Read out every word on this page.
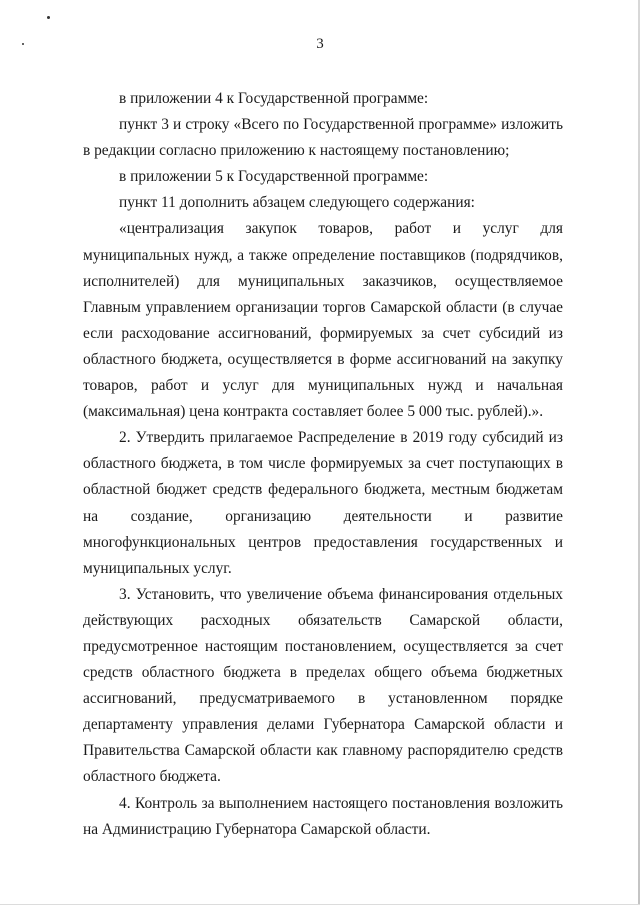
3

в приложении 4 к Государственной программе:

пункт 3 и строку «Всего по Государственной программе» изложить в редакции согласно приложению к настоящему постановлению;

в приложении 5 к Государственной программе:

пункт 11 дополнить абзацем следующего содержания:

«централизация закупок товаров, работ и услуг для муниципальных нужд, а также определение поставщиков (подрядчиков, исполнителей) для муниципальных заказчиков, осуществляемое Главным управлением организации торгов Самарской области (в случае если расходование ассигнований, формируемых за счет субсидий из областного бюджета, осуществляется в форме ассигнований на закупку товаров, работ и услуг для муниципальных нужд и начальная (максимальная) цена контракта составляет более 5 000 тыс. рублей).».

2. Утвердить прилагаемое Распределение в 2019 году субсидий из областного бюджета, в том числе формируемых за счет поступающих в областной бюджет средств федерального бюджета, местным бюджетам на создание, организацию деятельности и развитие многофункциональных центров предоставления государственных и муниципальных услуг.

3. Установить, что увеличение объема финансирования отдельных действующих расходных обязательств Самарской области, предусмотренное настоящим постановлением, осуществляется за счет средств областного бюджета в пределах общего объема бюджетных ассигнований, предусматриваемого в установленном порядке департаменту управления делами Губернатора Самарской области и Правительства Самарской области как главному распорядителю средств областного бюджета.

4. Контроль за выполнением настоящего постановления возложить на Администрацию Губернатора Самарской области.
